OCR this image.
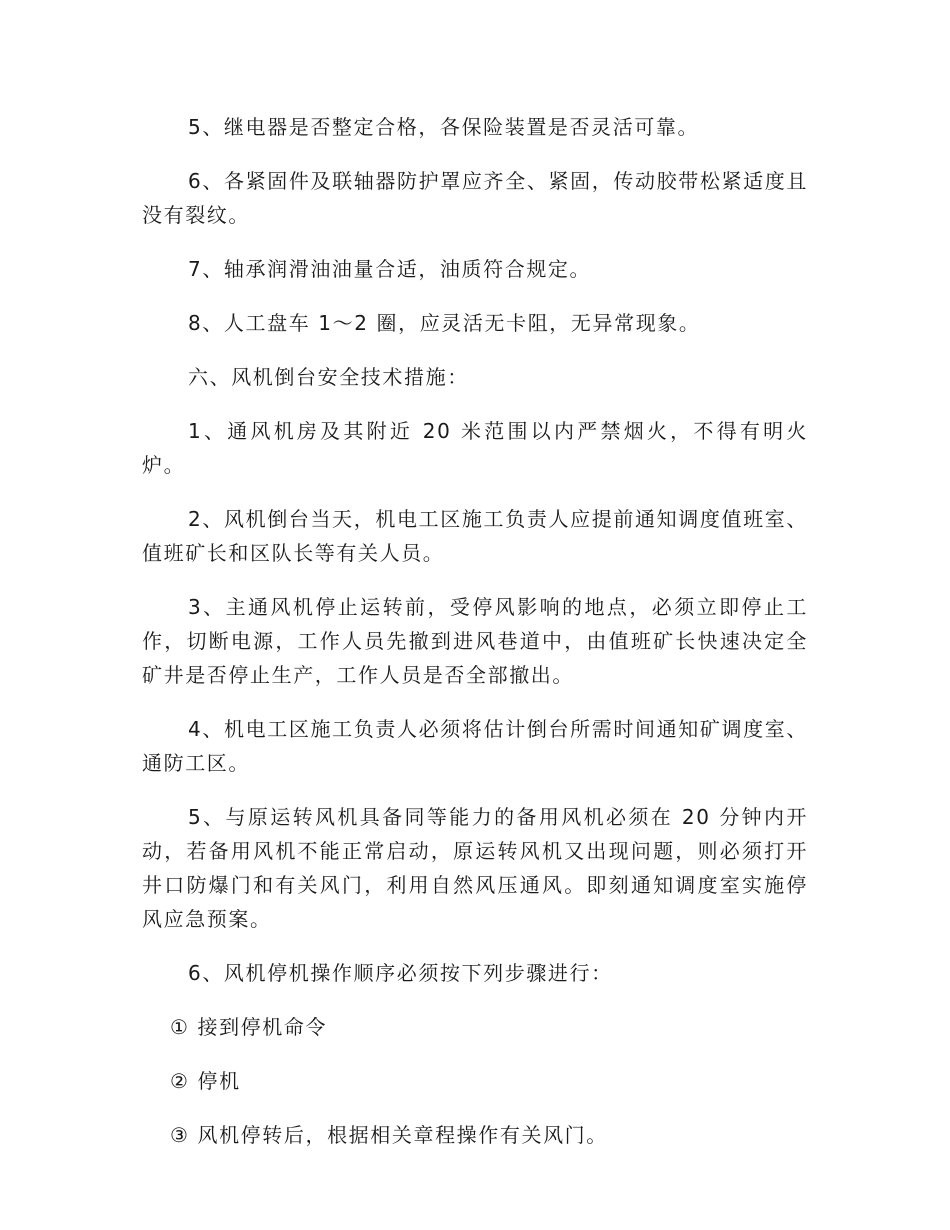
5、继电器是否整定合格，各保险装置是否灵活可靠。

6、各紧固件及联轴器防护罩应齐全、紧固，传动胶带松紧适度且没有裂纹。

7、轴承润滑油油量合适，油质符合规定。

8、人工盘车 1～2 圈，应灵活无卡阻，无异常现象。

六、风机倒台安全技术措施：

1、通风机房及其附近 20 米范围以内严禁烟火，不得有明火炉。

2、风机倒台当天，机电工区施工负责人应提前通知调度值班室、值班矿长和区队长等有关人员。

3、主通风机停止运转前，受停风影响的地点，必须立即停止工作，切断电源，工作人员先撤到进风巷道中，由值班矿长快速决定全矿井是否停止生产，工作人员是否全部撤出。

4、机电工区施工负责人必须将估计倒台所需时间通知矿调度室、通防工区。

5、与原运转风机具备同等能力的备用风机必须在 20 分钟内开动，若备用风机不能正常启动，原运转风机又出现问题，则必须打开井口防爆门和有关风门，利用自然风压通风。即刻通知调度室实施停风应急预案。

6、风机停机操作顺序必须按下列步骤进行：

① 接到停机命令

② 停机

③ 风机停转后，根据相关章程操作有关风门。
